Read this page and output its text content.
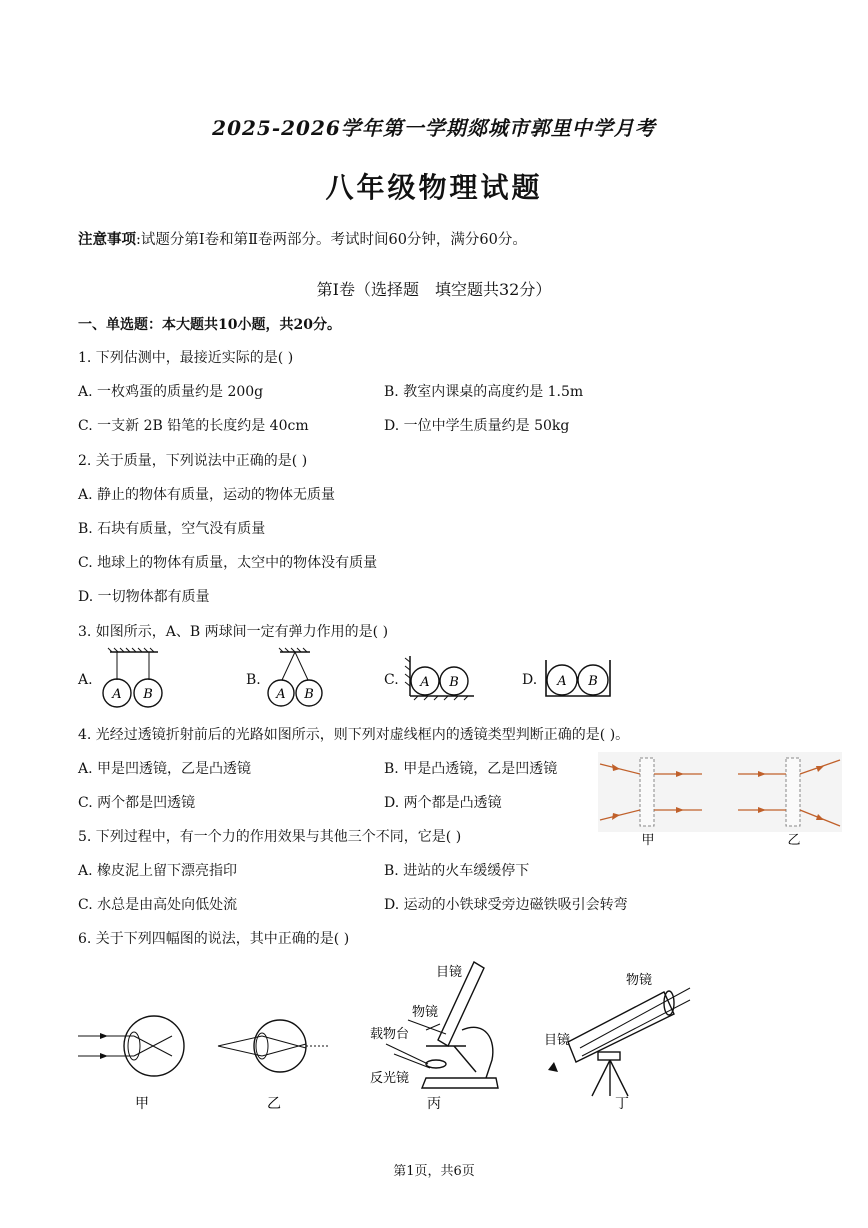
2025-2026学年第一学期郯城市郭里中学月考
八年级物理试题
注意事项:试题分第Ⅰ卷和第Ⅱ卷两部分。考试时间60分钟，满分60分。
第Ⅰ卷（选择题　填空题共32分）
一、单选题：本大题共10小题，共20分。
1. 下列估测中，最接近实际的是( )
A. 一枚鸡蛋的质量约是 200g	B. 教室内课桌的高度约是 1.5m
C. 一支新 2B 铅笔的长度约是 40cm	D. 一位中学生质量约是 50kg
2. 关于质量，下列说法中正确的是( )
A. 静止的物体有质量，运动的物体无质量
B. 石块有质量，空气没有质量
C. 地球上的物体有质量，太空中的物体没有质量
D. 一切物体都有质量
3. 如图所示，A、B 两球间一定有弹力作用的是( )
A.	B.	C.	D.
A B	A B
A B	A B
4. 光经过透镜折射前后的光路如图所示，则下列对虚线框内的透镜类型判断正确的是( )。
A. 甲是凹透镜，乙是凸透镜	B. 甲是凸透镜，乙是凹透镜
C. 两个都是凹透镜	D. 两个都是凸透镜
甲	乙
5. 下列过程中，有一个力的作用效果与其他三个不同，它是( )
A. 橡皮泥上留下漂亮指印	B. 进站的火车缓缓停下
C. 水总是由高处向低处流	D. 运动的小铁球受旁边磁铁吸引会转弯
6. 关于下列四幅图的说法，其中正确的是( )
甲	乙
目镜
物镜
载物台
反光镜
丙
物镜
目镜
丁
第1页，共6页
